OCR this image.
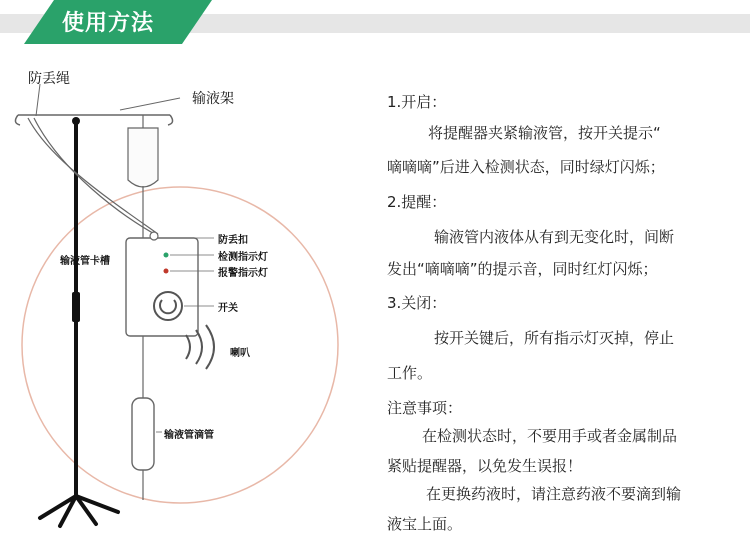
使用方法
防丢绳
输液架
防丢扣
检测指示灯
报警指示灯
输液管卡槽
开关
喇叭
输液管滴管
1.开启：
将提醒器夹紧输液管，按开关提示“
嘀嘀嘀”后进入检测状态，同时绿灯闪烁；
2.提醒：
输液管内液体从有到无变化时，间断
发出“嘀嘀嘀”的提示音，同时红灯闪烁；
3.关闭：
按开关键后，所有指示灯灭掉，停止
工作。
注意事项：
在检测状态时，不要用手或者金属制品
紧贴提醒器，以免发生误报！
在更换药液时，请注意药液不要滴到输
液宝上面。
